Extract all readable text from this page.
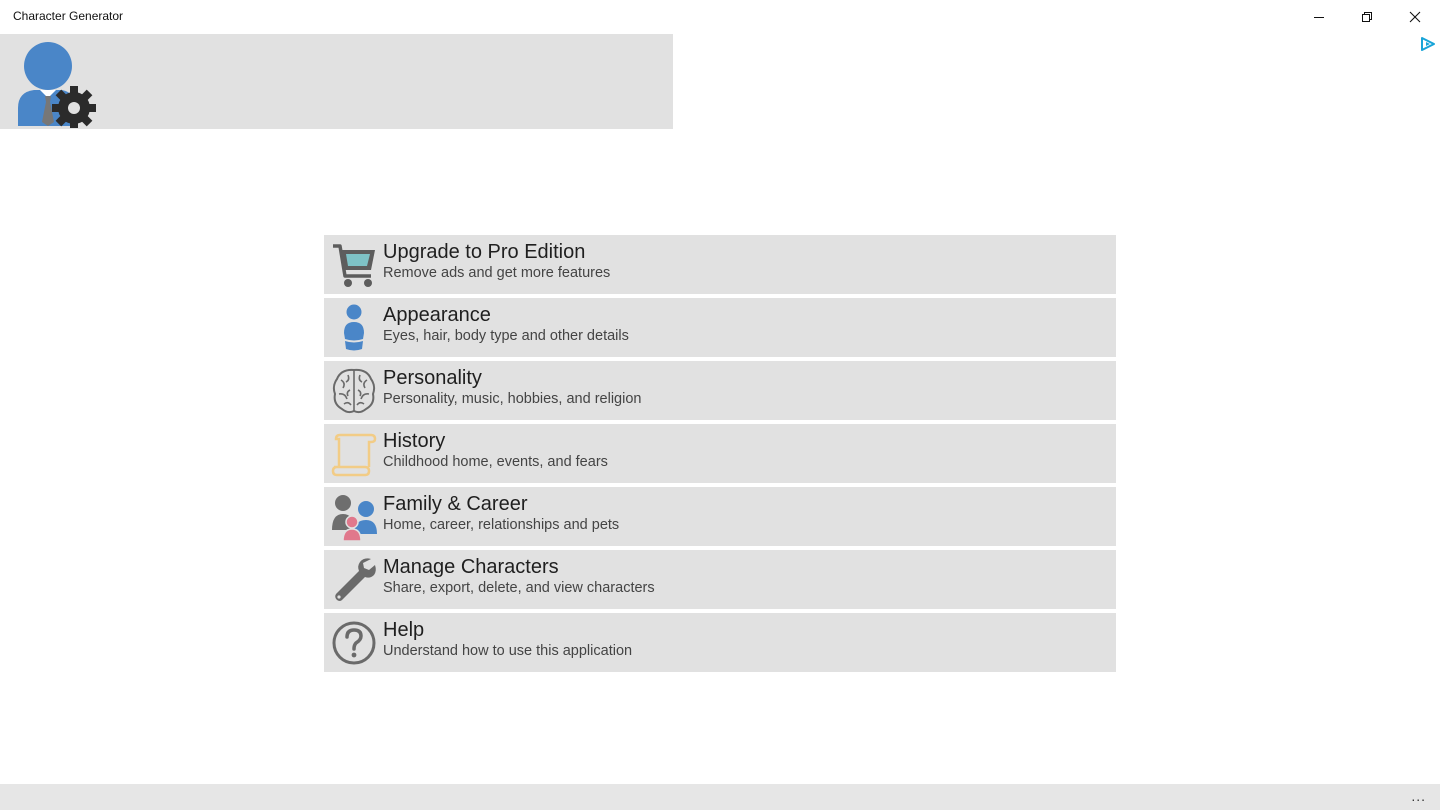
Character Generator
Upgrade to Pro Edition
Remove ads and get more features
Appearance
Eyes, hair, body type and other details
Personality
Personality, music, hobbies, and religion
History
Childhood home, events, and fears
Family & Career
Home, career, relationships and pets
Manage Characters
Share, export, delete, and view characters
Help
Understand how to use this application
...
